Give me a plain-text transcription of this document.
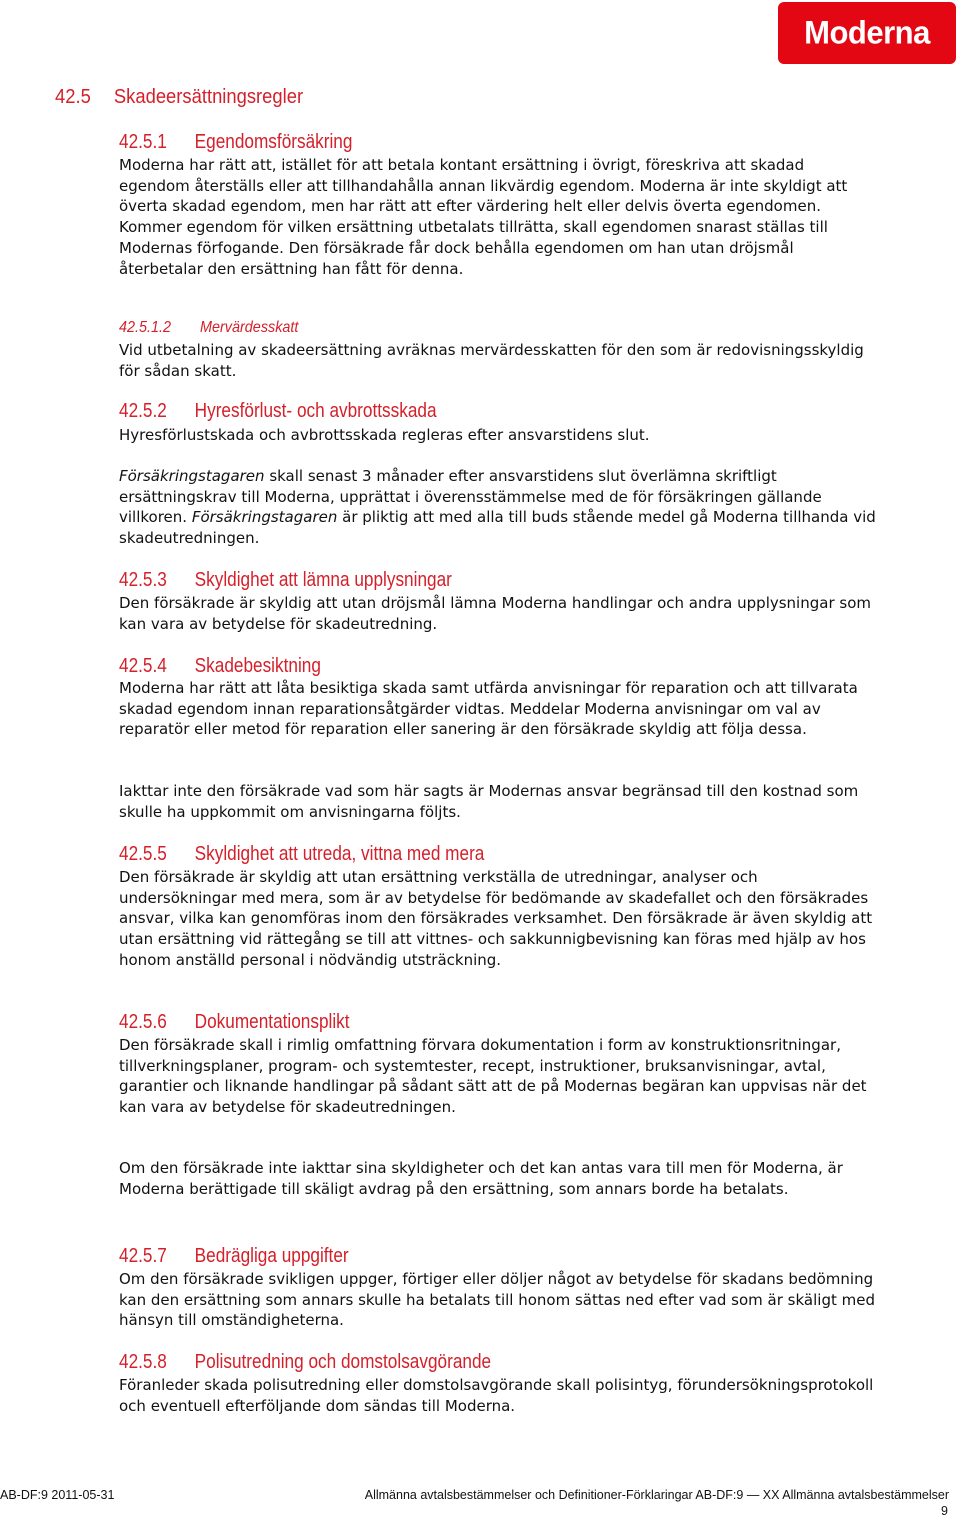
Moderna
42.5 Skadeersättningsregler
42.5.1 Egendomsförsäkring

Moderna har rätt att, istället för att betala kontant ersättning i övrigt, föreskriva att skadad egendom återställs eller att tillhandahålla annan likvärdig egendom. Moderna är inte skyldigt att överta skadad egendom, men har rätt att efter värdering helt eller delvis överta egendomen. Kommer egendom för vilken ersättning utbetalats tillrätta, skall egendomen snarast ställas till Modernas förfogande. Den försäkrade får dock behålla egendomen om han utan dröjsmål återbetalar den ersättning han fått för denna.

42.5.1.2 Mervärdesskatt

Vid utbetalning av skadeersättning avräknas mervärdesskatten för den som är redovisningsskyldig för sådan skatt.

42.5.2 Hyresförlust- och avbrottsskada

Hyresförlustskada och avbrottsskada regleras efter ansvarstidens slut.

Försäkringstagaren skall senast 3 månader efter ansvarstidens slut överlämna skriftligt ersättningskrav till Moderna, upprättat i överensstämmelse med de för försäkringen gällande villkoren. Försäkringstagaren är pliktig att med alla till buds stående medel gå Moderna tillhanda vid skadeutredningen.

42.5.3 Skyldighet att lämna upplysningar

Den försäkrade är skyldig att utan dröjsmål lämna Moderna handlingar och andra upplysningar som kan vara av betydelse för skadeutredning.

42.5.4 Skadebesiktning

Moderna har rätt att låta besiktiga skada samt utfärda anvisningar för reparation och att tillvarata skadad egendom innan reparationsåtgärder vidtas. Meddelar Moderna anvisningar om val av reparatör eller metod för reparation eller sanering är den försäkrade skyldig att följa dessa.

Iakttar inte den försäkrade vad som här sagts är Modernas ansvar begränsad till den kostnad som skulle ha uppkommit om anvisningarna följts.

42.5.5 Skyldighet att utreda, vittna med mera

Den försäkrade är skyldig att utan ersättning verkställa de utredningar, analyser och undersökningar med mera, som är av betydelse för bedömande av skadefallet och den försäkrades ansvar, vilka kan genomföras inom den försäkrades verksamhet. Den försäkrade är även skyldig att utan ersättning vid rättegång se till att vittnes- och sakkunnigbevisning kan föras med hjälp av hos honom anställd personal i nödvändig utsträckning.

42.5.6 Dokumentationsplikt

Den försäkrade skall i rimlig omfattning förvara dokumentation i form av konstruktionsritningar, tillverkningsplaner, program- och systemtester, recept, instruktioner, bruksanvisningar, avtal, garantier och liknande handlingar på sådant sätt att de på Modernas begäran kan uppvisas när det kan vara av betydelse för skadeutredningen.

Om den försäkrade inte iakttar sina skyldigheter och det kan antas vara till men för Moderna, är Moderna berättigade till skäligt avdrag på den ersättning, som annars borde ha betalats.

42.5.7 Bedrägliga uppgifter

Om den försäkrade svikligen uppger, förtiger eller döljer något av betydelse för skadans bedömning kan den ersättning som annars skulle ha betalats till honom sättas ned efter vad som är skäligt med hänsyn till omständigheterna.

42.5.8 Polisutredning och domstolsavgörande

Föranleder skada polisutredning eller domstolsavgörande skall polisintyg, förundersökningsprotokoll och eventuell efterföljande dom sändas till Moderna.

AB-DF:9 2011-05-31	Allmänna avtalsbestämmelser och Definitioner-Förklaringar AB-DF:9 — XX Allmänna avtalsbestämmelser
9
